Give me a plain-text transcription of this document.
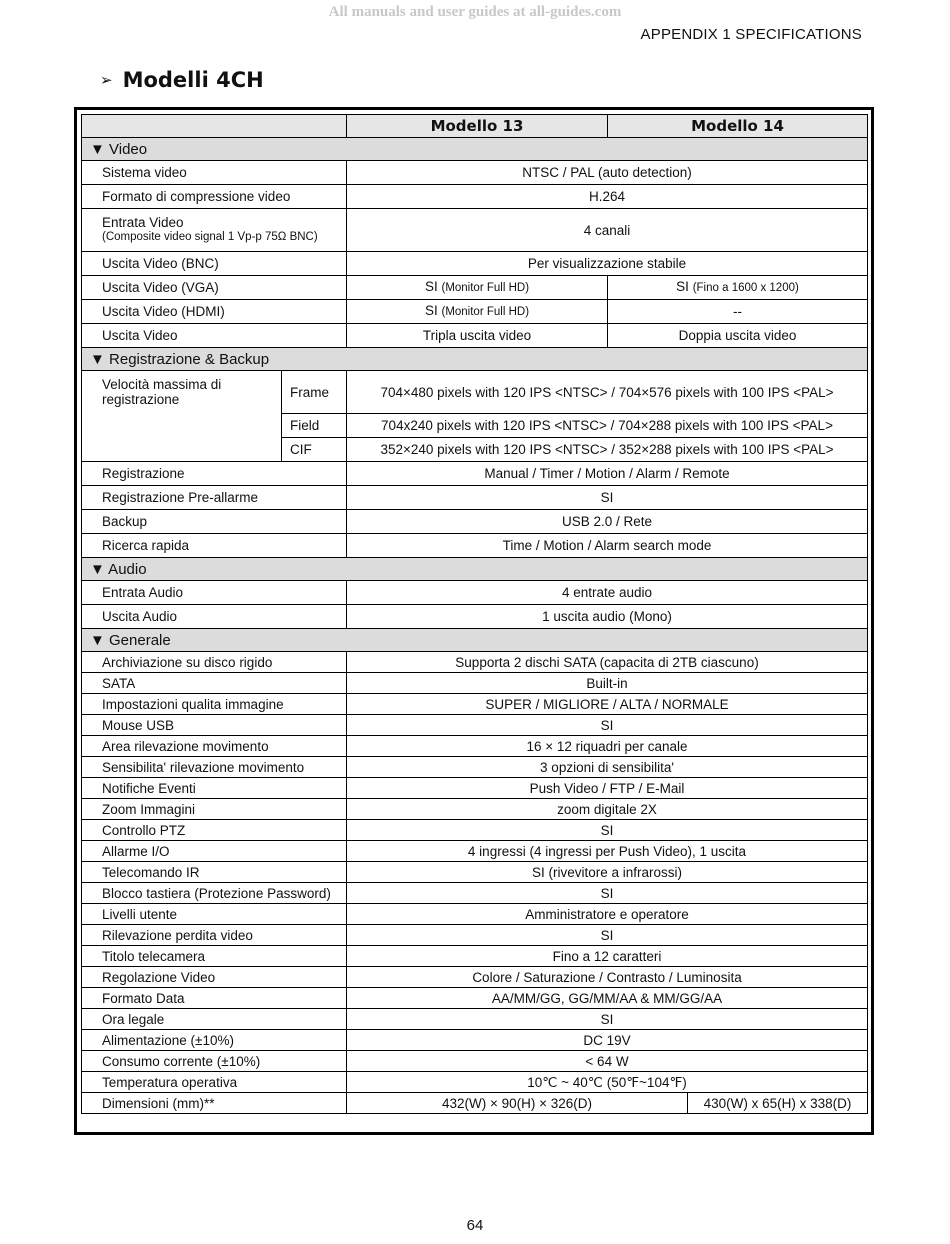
All manuals and user guides at all-guides.com
APPENDIX 1 SPECIFICATIONS
➢ Modelli 4CH
		Modello 13	Modello 14	
▼ Video				
Sistema video		NTSC / PAL (auto detection)		
Formato di compressione video		H.264		

Entrata Video
(Composite video signal 1 Vp-p 75Ω BNC)		4 canali		
Uscita Video (BNC)		Per visualizzazione stabile		
Uscita Video (VGA)		SI (Monitor Full HD)	SI (Fino a 1600 x 1200)	
Uscita Video (HDMI)		SI (Monitor Full HD)	--	
Uscita Video		Tripla uscita video	Doppia uscita video	
▼ Registrazione & Backup				
Velocità massima di registrazione	Frame	704×480 pixels with 120 IPS <NTSC> / 704×576 pixels with 100 IPS <PAL>		
	Field	704x240 pixels with 120 IPS <NTSC> / 704×288 pixels with 100 IPS <PAL>		
	CIF	352×240 pixels with 120 IPS <NTSC> / 352×288 pixels with 100 IPS <PAL>		
Registrazione		Manual / Timer / Motion / Alarm / Remote		
Registrazione Pre-allarme		SI		
Backup		USB 2.0 / Rete		
Ricerca rapida		Time / Motion / Alarm search mode		
▼ Audio				
Entrata Audio		4 entrate audio		
Uscita Audio		1 uscita audio (Mono)		
▼ Generale				
Archiviazione su disco rigido		Supporta 2 dischi SATA (capacita di 2TB ciascuno)		
SATA		Built-in		
Impostazioni qualita immagine		SUPER / MIGLIORE / ALTA / NORMALE		
Mouse USB		SI		
Area rilevazione movimento		16 × 12 riquadri per canale		
Sensibilita' rilevazione movimento		3 opzioni di sensibilita'		
Notifiche Eventi		Push Video / FTP / E-Mail		
Zoom Immagini		zoom digitale 2X		
Controllo PTZ		SI		
Allarme I/O		4 ingressi (4 ingressi per Push Video), 1 uscita		
Telecomando IR		SI (rivevitore a infrarossi)		
Blocco tastiera (Protezione Password)		SI		
Livelli utente		Amministratore e operatore		
Rilevazione perdita video		SI		
Titolo telecamera		Fino a 12 caratteri		
Regolazione Video		Colore / Saturazione / Contrasto / Luminosita		
Formato Data		AA/MM/GG, GG/MM/AA & MM/GG/AA		
Ora legale		SI		
Alimentazione (±10%)		DC 19V		
Consumo corrente (±10%)		< 64 W		
Temperatura operativa		10℃ ~ 40℃ (50℉~104℉)		
Dimensioni (mm)**		432(W) × 90(H) × 326(D)		430(W) x 65(H) x 338(D)
64
